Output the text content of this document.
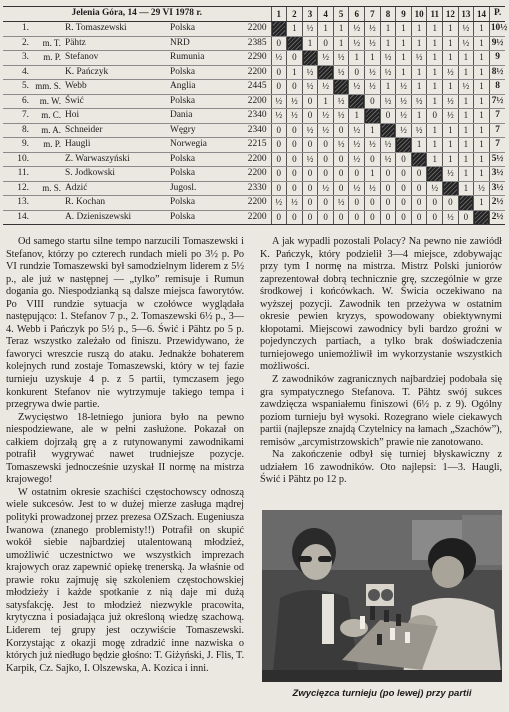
Jelenia Góra, 14 — 29 VI 1978 r.					1	2	3	4	5	6	7	8	9	10	11	12	13	14	P.
1.		R. Tomaszewski	Polska	2200		1	½	1	1	½	½	1	1	1	1	1	½	1	10½
2.	m. T.	Pähtz	NRD	2385	0		1	0	1	½	½	1	1	1	1	1	½	1	9½
3.	m. P.	Stefanov	Rumunia	2290	½	0		½	½	1	1	½	1	½	1	1	1	1	9
4.		K. Pańczyk	Polska	2200	0	1	½		½	0	½	½	1	1	1	½	1	1	8½
5.	mm. S.	Webb	Anglia	2445	0	0	½	½		½	½	1	½	1	1	1	½	1	8
6.	m. W.	Świć	Polska	2200	½	½	0	1	½		0	½	½	½	1	½	1	1	7½
7.	m. C.	Hoi	Dania	2340	½	½	0	½	½	1		0	½	1	0	½	1	1	7
8.	m. A.	Schneider	Węgry	2340	0	0	½	½	0	½	1		½	½	1	1	1	1	7
9.	m. P.	Haugli	Norwegia	2215	0	0	0	0	½	½	½	½		1	1	1	1	1	7
10.		Z. Warwaszyński	Polska	2200	0	0	½	0	0	½	0	½	0		1	1	1	1	5½
11.		S. Jodkowski	Polska	2200	0	0	0	0	0	0	1	0	0	0		½	1	1	3½
12.	m. S.	Adzić	Jugosl.	2330	0	0	0	½	0	½	½	0	0	0	½		1	½	3½
13.		R. Kochan	Polska	2200	½	½	0	0	½	0	0	0	0	0	0	0		1	2½
14.		A. Dzieniszewski	Polska	2200	0	0	0	0	0	0	0	0	0	0	0	½	0		2½

Od samego startu silne tempo narzucili Tomaszewski i Stefanov, którzy po czterech rundach mieli po 3½ p. Po VI rundzie Tomaszewski był samodzielnym liderem z 5½ p., ale już w następnej — „tylko” remisuje i Rumun dogania go. Niespodzianką są dalsze miejsca faworytów. Po VIII rundzie sytuacja w czołówce wyglądała następująco: 1. Stefanov 7 p., 2. Tomaszewski 6½ p., 3—4. Webb i Pańczyk po 5½ p., 5—6. Świć i Pähtz po 5 p. Teraz wszystko zależało od finiszu. Przewidywano, że faworyci wreszcie ruszą do ataku. Jednakże bohaterem kolejnych rund zostaje Tomaszewski, który w tej fazie turnieju uzyskuje 4 p. z 5 partii, tymczasem jego konkurent Stefanov nie wytrzymuje takiego tempa i przegrywa dwie partie.

Zwycięstwo 18-letniego juniora było na pewno niespodziewane, ale w pełni zasłużone. Pokazał on całkiem dojrzałą grę a z rutynowanymi zawodnikami potrafił wygrywać nawet trudniejsze pozycje. Tomaszewski jednocześnie uzyskał II normę na mistrza krajowego!

W ostatnim okresie szachiści częstochowscy odnoszą wiele sukcesów. Jest to w dużej mierze zasługa mądrej polityki prowadzonej przez prezesa OZSzach. Eugeniusza Iwanowa (znanego problemisty!!) Potrafił on skupić wokół siebie najbardziej utalentowaną młodzież, umożliwić uczestnictwo we wszystkich imprezach krajowych oraz zapewnić opiekę trenerską. Ja właśnie od prawie roku zajmuję się szkoleniem częstochowskiej młodzieży i każde spotkanie z nią daje mi dużą satysfakcję. Jest to młodzież niezwykle pracowita, krytyczna i posiadająca już określoną wiedzę szachową. Liderem tej grupy jest oczywiście Tomaszewski. Korzystając z okazji mogę zdradzić inne nazwiska o których już niedługo będzie głośno: T. Giżyński, J. Flis, T. Karpik, Cz. Sajko, I. Olszewska, A. Kozica i inni.

A jak wypadli pozostali Polacy? Na pewno nie zawiódł K. Pańczyk, który podzielił 3—4 miejsce, zdobywając przy tym I normę na mistrza. Mistrz Polski juniorów zaprezentował dobrą technicznie grę, szczególnie w grze środkowej i końcówkach. W. Świcia oczekiwano na wyższej pozycji. Zawodnik ten przeżywa w ostatnim okresie pewien kryzys, spowodowany obiektywnymi kłopotami. Miejscowi zawodnicy byli bardzo groźni w pojedynczych partiach, a tylko brak doświadczenia turniejowego uniemożliwił im wykorzystanie wszystkich możliwości.

Z zawodników zagranicznych najbardziej podobała się gra sympatycznego Stefanova. T. Pähtz swój sukces zawdzięcza wspaniałemu finiszowi (6½ p. z 9). Ogólny poziom turnieju był wysoki. Rozegrano wiele ciekawych partii (najlepsze znajdą Czytelnicy na łamach „Szachów”), remisów „arcymistrzowskich” prawie nie zanotowano.

Na zakończenie odbył się turniej błyskawiczny z udziałem 16 zawodników. Oto najlepsi: 1—3. Haugli, Świć i Pähtz po 12 p.

Zwycięzca turnieju (po lewej) przy partii
